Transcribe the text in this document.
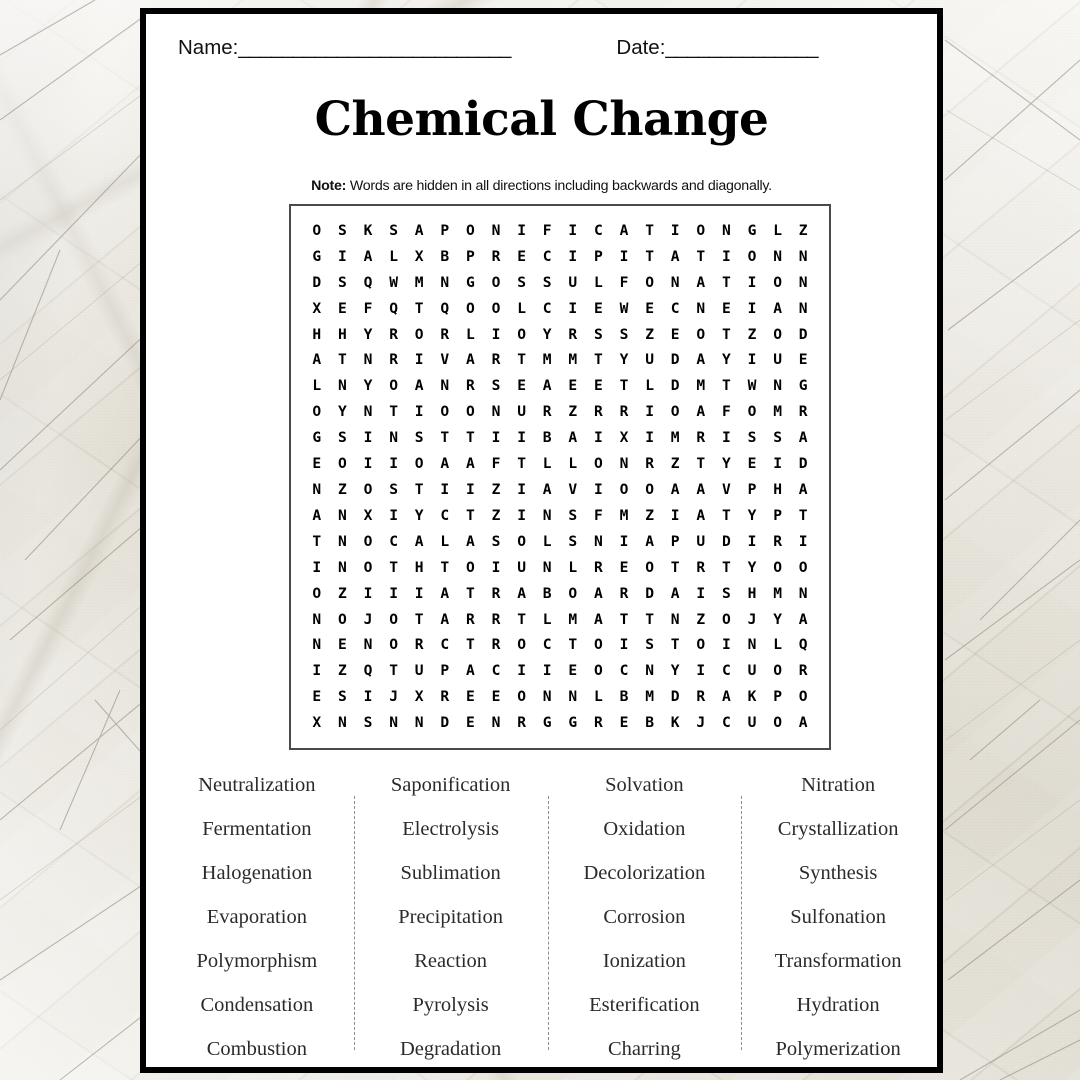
Name: _________________________	Date: ______________
Chemical Change
Note: Words are hidden in all directions including backwards and diagonally.
O	S	K	S	A	P	O	N	I	F	I	C	A	T	I	O	N	G	L	Z
G	I	A	L	X	B	P	R	E	C	I	P	I	T	A	T	I	O	N	N
D	S	Q	W	M	N	G	O	S	S	U	L	F	O	N	A	T	I	O	N
X	E	F	Q	T	Q	O	O	L	C	I	E	W	E	C	N	E	I	A	N
H	H	Y	R	O	R	L	I	O	Y	R	S	S	Z	E	O	T	Z	O	D
A	T	N	R	I	V	A	R	T	M	M	T	Y	U	D	A	Y	I	U	E
L	N	Y	O	A	N	R	S	E	A	E	E	T	L	D	M	T	W	N	G
O	Y	N	T	I	O	O	N	U	R	Z	R	R	I	O	A	F	O	M	R
G	S	I	N	S	T	T	I	I	B	A	I	X	I	M	R	I	S	S	A
E	O	I	I	O	A	A	F	T	L	L	O	N	R	Z	T	Y	E	I	D
N	Z	O	S	T	I	I	Z	I	A	V	I	O	O	A	A	V	P	H	A
A	N	X	I	Y	C	T	Z	I	N	S	F	M	Z	I	A	T	Y	P	T
T	N	O	C	A	L	A	S	O	L	S	N	I	A	P	U	D	I	R	I
I	N	O	T	H	T	O	I	U	N	L	R	E	O	T	R	T	Y	O	O
O	Z	I	I	I	A	T	R	A	B	O	A	R	D	A	I	S	H	M	N
N	O	J	O	T	A	R	R	T	L	M	A	T	T	N	Z	O	J	Y	A
N	E	N	O	R	C	T	R	O	C	T	O	I	S	T	O	I	N	L	Q
I	Z	Q	T	U	P	A	C	I	I	E	O	C	N	Y	I	C	U	O	R
E	S	I	J	X	R	E	E	O	N	N	L	B	M	D	R	A	K	P	O
X	N	S	N	N	D	E	N	R	G	G	R	E	B	K	J	C	U	O	A
Neutralization
Fermentation
Halogenation
Evaporation
Polymorphism
Condensation
Combustion
Saponification
Electrolysis
Sublimation
Precipitation
Reaction
Pyrolysis
Degradation
Solvation
Oxidation
Decolorization
Corrosion
Ionization
Esterification
Charring
Nitration
Crystallization
Synthesis
Sulfonation
Transformation
Hydration
Polymerization
